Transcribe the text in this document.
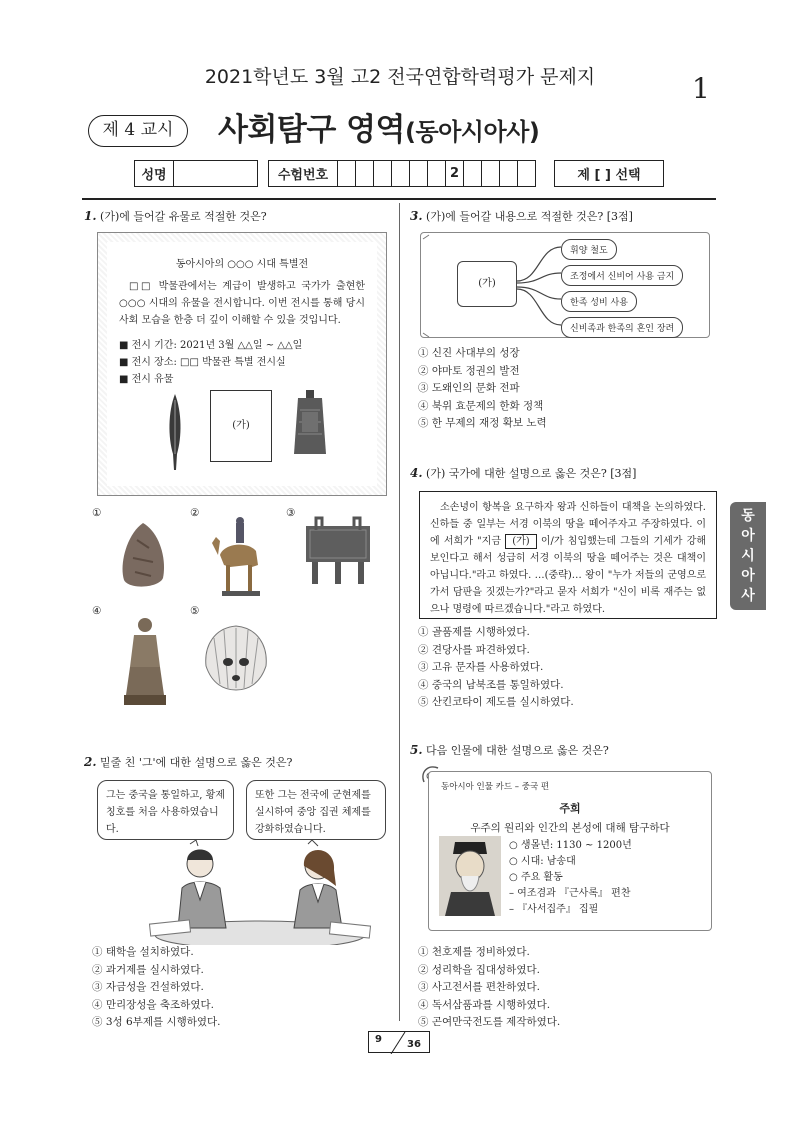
2021학년도 3월 고2 전국연합학력평가 문제지	1
제 4 교시	사회탐구 영역(동아시아사)
성명	수험번호	2	제 [ ] 선택
1. (가)에 들어갈 유물로 적절한 것은?
동아시아의 ○○○ 시대 특별전
□□ 박물관에서는 계급이 발생하고 국가가 출현한 ○○○ 시대의 유물을 전시합니다. 이번 전시를 통해 당시 사회 모습을 한층 더 깊이 이해할 수 있을 것입니다.
■ 전시 기간: 2021년 3월 △△일 ~ △△일
■ 전시 장소: □□ 박물관 특별 전시실
■ 전시 유물
(가)
①	②	③
④	⑤
2. 밑줄 친 '그'에 대한 설명으로 옳은 것은?
그는 중국을 통일하고, 황제 칭호를 처음 사용하였습니다.
또한 그는 전국에 군현제를 실시하여 중앙 집권 체제를 강화하였습니다.
① 태학을 설치하였다.
② 과거제를 실시하였다.
③ 자금성을 건설하였다.
④ 만리장성을 축조하였다.
⑤ 3성 6부제를 시행하였다.
3. (가)에 들어갈 내용으로 적절한 것은? [3점]
(가)
휘양 철도
조정에서 신비어 사용 금지
한족 성비 사용
신비족과 한족의 혼인 장려
① 신진 사대부의 성장
② 야마토 정권의 발전
③ 도왜인의 문화 전파
④ 북위 효문제의 한화 정책
⑤ 한 무제의 재정 확보 노력
4. (가) 국가에 대한 설명으로 옳은 것은? [3점]
소손녕이 항복을 요구하자 왕과 신하들이 대책을 논의하였다. 신하들 중 일부는 서경 이북의 땅을 떼어주자고 주장하였다. 이에 서희가 "지금 (가) 이/가 침입했는데 그들의 기세가 강해보인다고 해서 성급히 서경 이북의 땅을 떼어주는 것은 대책이 아닙니다."라고 하였다. …(중략)… 왕이 "누가 저들의 군영으로 가서 담판을 짓겠는가?"라고 묻자 서희가 "신이 비록 재주는 없으나 명령에 따르겠습니다."라고 하였다.
① 골품제를 시행하였다.
② 견당사를 파견하였다.
③ 고유 문자를 사용하였다.
④ 중국의 남북조를 통일하였다.
⑤ 산킨코타이 제도를 실시하였다.
동
아
시
아
사
5. 다음 인물에 대한 설명으로 옳은 것은?
동아시아 인물 카드 – 중국 편
주희
우주의 원리와 인간의 본성에 대해 탐구하다
○ 생몰년: 1130 ~ 1200년
○ 시대: 남송대
○ 주요 활동
– 여조겸과 『근사록』 편찬
– 『사서집주』 집필
① 천호제를 정비하였다.
② 성리학을 집대성하였다.
③ 사고전서를 편찬하였다.
④ 독서삼품과를 시행하였다.
⑤ 곤여만국전도를 제작하였다.
9	36
